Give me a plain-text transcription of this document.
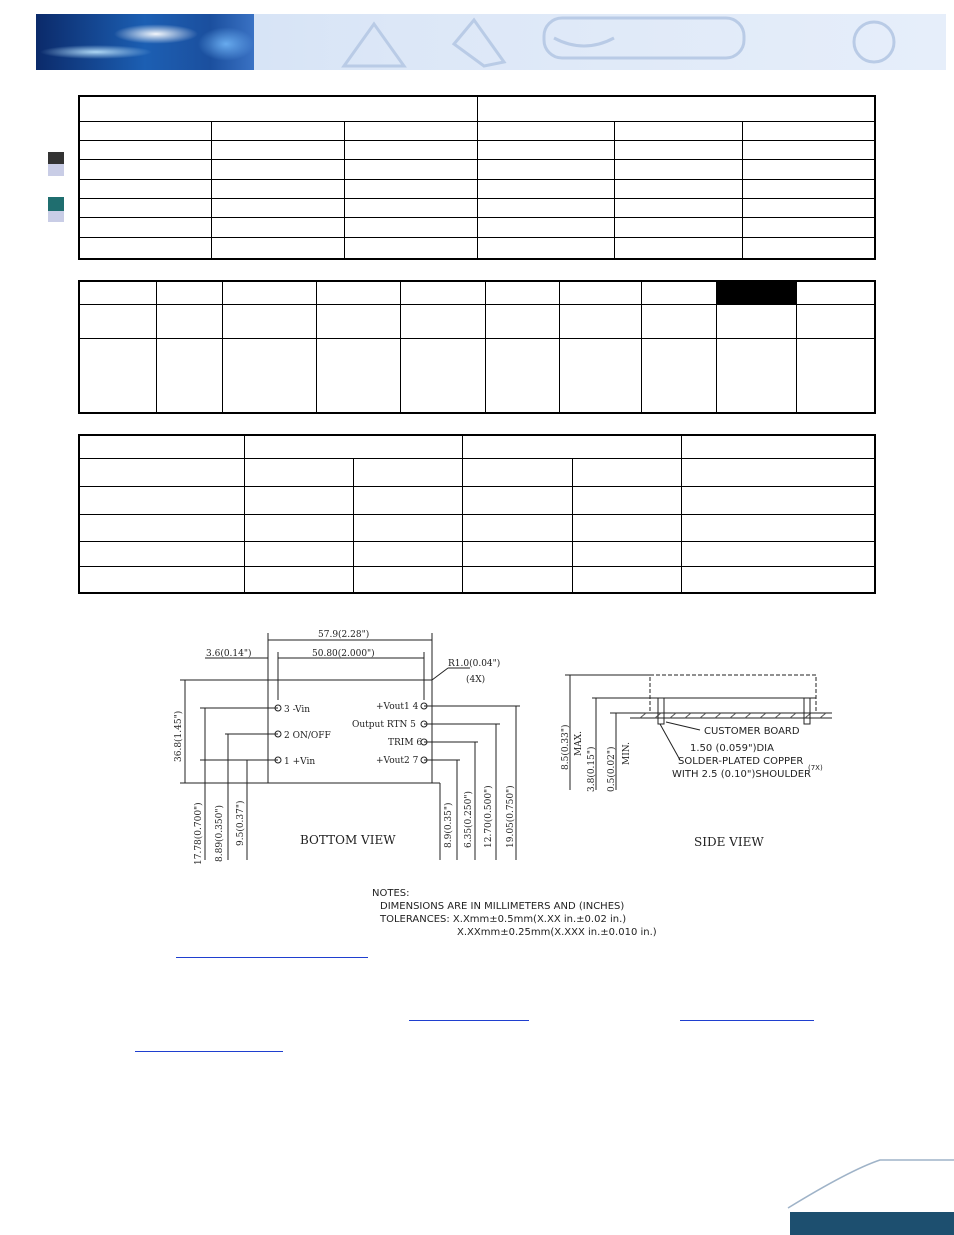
57.9(2.28")
50.80(2.000")
3.6(0.14")
R1.0(0.04")
(4X)
36.8(1.45")
3 -Vin
2 ON/OFF
1 +Vin
+Vout1 4
Output RTN 5
TRIM 6
+Vout2 7
17.78(0.700") 8.89(0.350") 9.5(0.37")	8.9(0.35") 6.35(0.250") 12.70(0.500") 19.05(0.750")
BOTTOM VIEW	SIDE VIEW
8.5(0.33") MAX.
3.8(0.15") 0.5(0.02") MIN.
CUSTOMER BOARD
1.50 (0.059")DIA
SOLDER-PLATED COPPER
WITH 2.5 (0.10")SHOULDER
(7X)
NOTES:
DIMENSIONS ARE IN MILLIMETERS AND (INCHES)
TOLERANCES: X.Xmm±0.5mm(X.XX in.±0.02 in.)
X.XXmm±0.25mm(X.XXX in.±0.010 in.)
